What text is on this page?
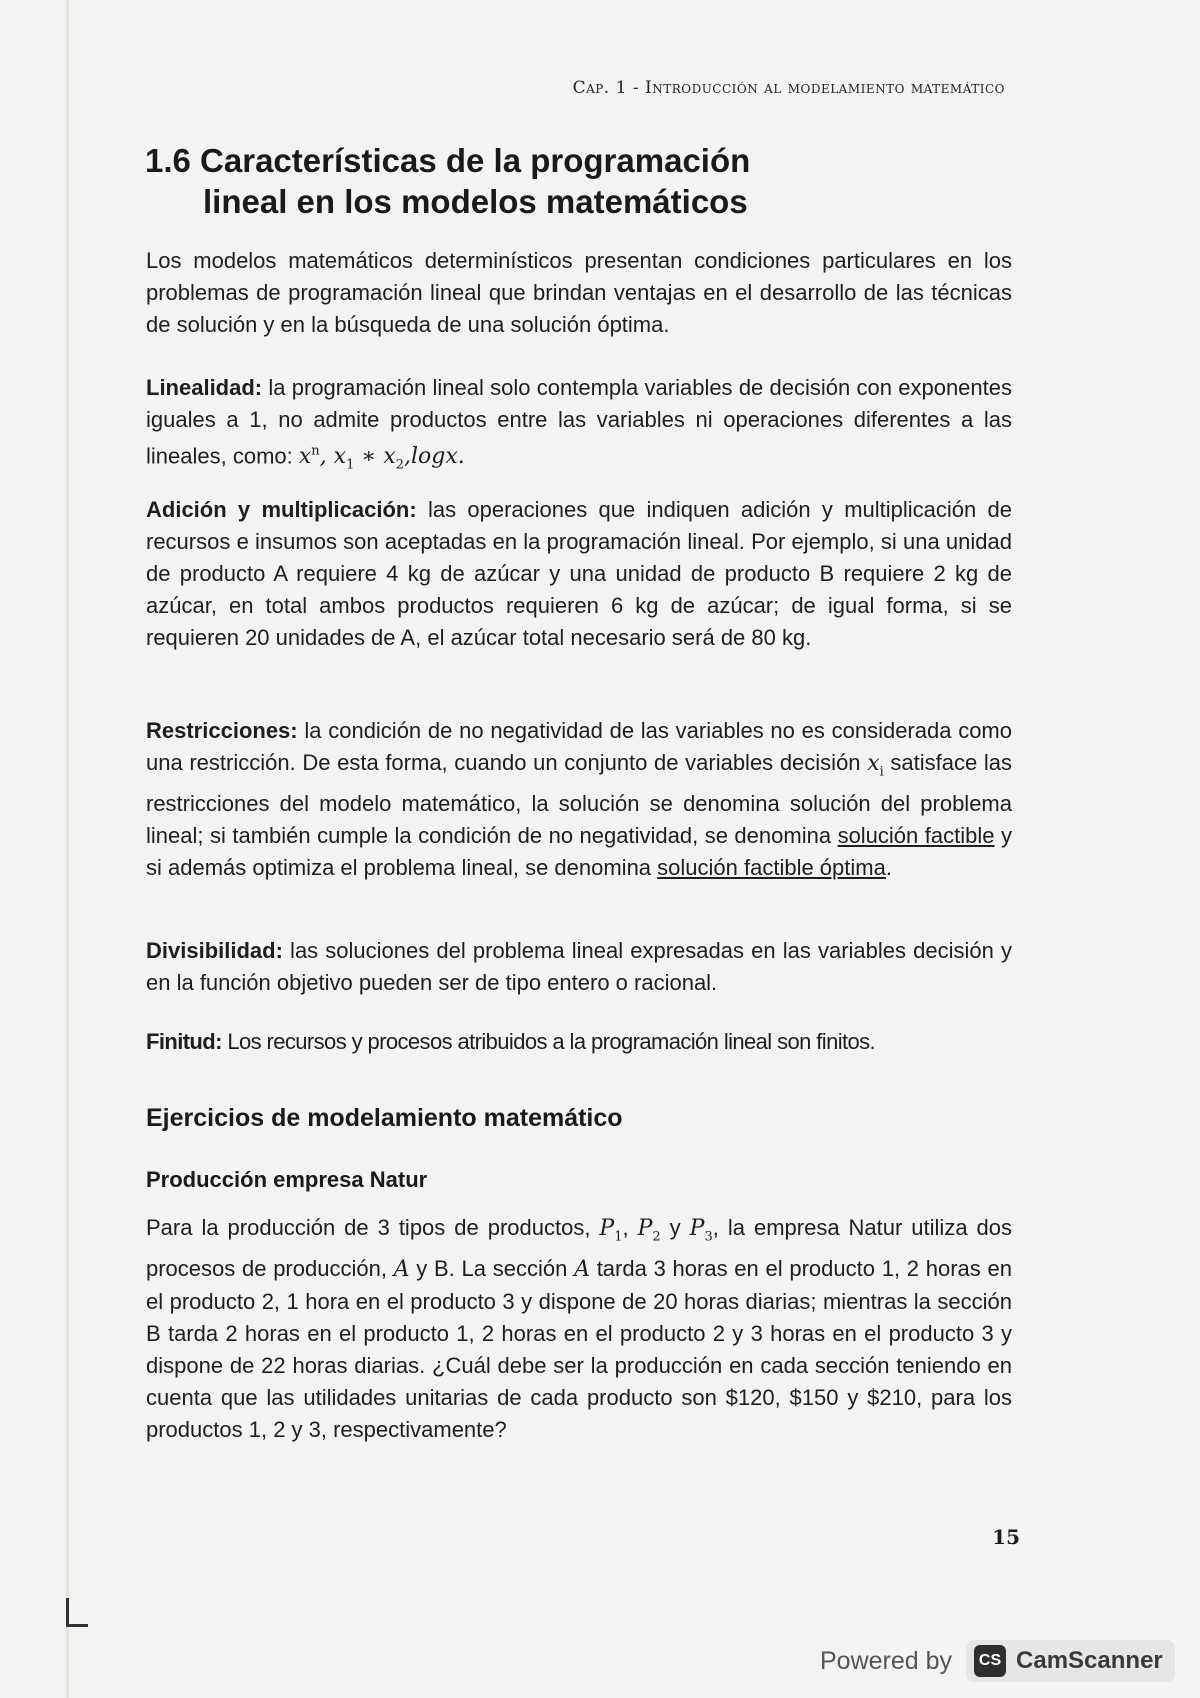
Cap. 1 - Introducción al modelamiento matemático
1.6 Características de la programación
lineal en los modelos matemáticos

Los modelos matemáticos determinísticos presentan condiciones particulares en los problemas de programación lineal que brindan ventajas en el desarrollo de las técnicas de solución y en la búsqueda de una solución óptima.

Linealidad: la programación lineal solo contempla variables de decisión con exponentes iguales a 1, no admite productos entre las variables ni operaciones diferentes a las lineales, como: $x^n$, $x_1$ ∗ $x_2,\log x$.

Adición y multiplicación: las operaciones que indiquen adición y multiplicación de recursos e insumos son aceptadas en la programación lineal. Por ejemplo, si una unidad de producto A requiere 4 kg de azúcar y una unidad de producto B requiere 2 kg de azúcar, en total ambos productos requieren 6 kg de azúcar; de igual forma, si se requieren 20 unidades de A, el azúcar total necesario será de 80 kg.

Restricciones: la condición de no negatividad de las variables no es considerada como una restricción. De esta forma, cuando un conjunto de variables decisión $x_i$ satisface las restricciones del modelo matemático, la solución se denomina solución del problema lineal; si también cumple la condición de no negatividad, se denomina solución factible y si además optimiza el problema lineal, se denomina solución factible óptima.

Divisibilidad: las soluciones del problema lineal expresadas en las variables decisión y en la función objetivo pueden ser de tipo entero o racional.

Finitud: Los recursos y procesos atribuidos a la programación lineal son finitos.

Ejercicios de modelamiento matemático
Producción empresa Natur

Para la producción de 3 tipos de productos, $P_1$, $P_2$ y $P_3$, la empresa Natur utiliza dos procesos de producción, A y B. La sección A tarda 3 horas en el producto 1, 2 horas en el producto 2, 1 hora en el producto 3 y dispone de 20 horas diarias; mientras la sección B tarda 2 horas en el producto 1, 2 horas en el producto 2 y 3 horas en el producto 3 y dispone de 22 horas diarias. ¿Cuál debe ser la producción en cada sección teniendo en cuenta que las utilidades unitarias de cada producto son $120, $150 y $210, para los productos 1, 2 y 3, respectivamente?

15
Powered by	CS CamScanner
